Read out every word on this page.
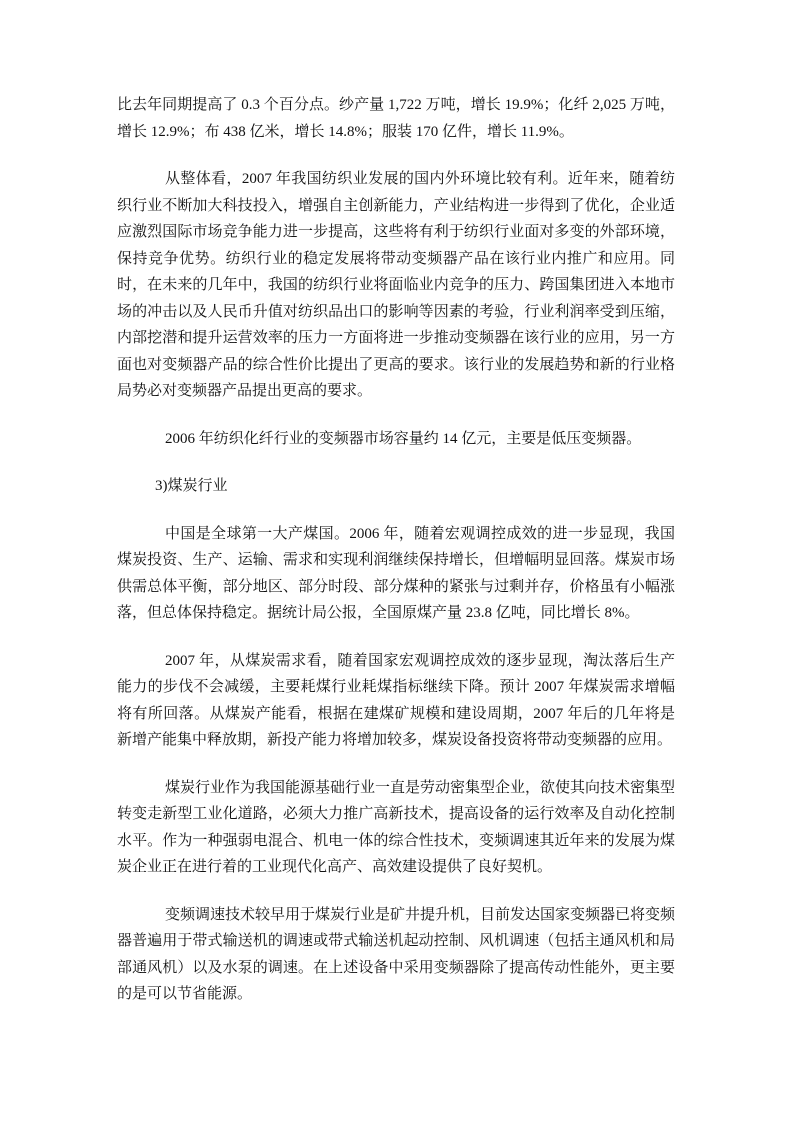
比去年同期提高了 0.3 个百分点。纱产量 1,722 万吨，增长 19.9%；化纤 2,025 万吨，增长 12.9%；布 438 亿米，增长 14.8%；服装 170 亿件，增长 11.9%。

从整体看，2007 年我国纺织业发展的国内外环境比较有利。近年来，随着纺织行业不断加大科技投入，增强自主创新能力，产业结构进一步得到了优化，企业适应激烈国际市场竞争能力进一步提高，这些将有利于纺织行业面对多变的外部环境，保持竞争优势。纺织行业的稳定发展将带动变频器产品在该行业内推广和应用。同时，在未来的几年中，我国的纺织行业将面临业内竞争的压力、跨国集团进入本地市场的冲击以及人民币升值对纺织品出口的影响等因素的考验，行业利润率受到压缩，内部挖潜和提升运营效率的压力一方面将进一步推动变频器在该行业的应用，另一方面也对变频器产品的综合性价比提出了更高的要求。该行业的发展趋势和新的行业格局势必对变频器产品提出更高的要求。

2006 年纺织化纤行业的变频器市场容量约 14 亿元，主要是低压变频器。

3)煤炭行业

中国是全球第一大产煤国。2006 年，随着宏观调控成效的进一步显现，我国煤炭投资、生产、运输、需求和实现利润继续保持增长，但增幅明显回落。煤炭市场供需总体平衡，部分地区、部分时段、部分煤种的紧张与过剩并存，价格虽有小幅涨落，但总体保持稳定。据统计局公报，全国原煤产量 23.8 亿吨，同比增长 8%。

2007 年，从煤炭需求看，随着国家宏观调控成效的逐步显现，淘汰落后生产能力的步伐不会减缓，主要耗煤行业耗煤指标继续下降。预计 2007 年煤炭需求增幅将有所回落。从煤炭产能看，根据在建煤矿规模和建设周期，2007 年后的几年将是新增产能集中释放期，新投产能力将增加较多，煤炭设备投资将带动变频器的应用。

煤炭行业作为我国能源基础行业一直是劳动密集型企业，欲使其向技术密集型转变走新型工业化道路，必须大力推广高新技术，提高设备的运行效率及自动化控制水平。作为一种强弱电混合、机电一体的综合性技术，变频调速其近年来的发展为煤炭企业正在进行着的工业现代化高产、高效建设提供了良好契机。

变频调速技术较早用于煤炭行业是矿井提升机，目前发达国家变频器已将变频器普遍用于带式输送机的调速或带式输送机起动控制、风机调速（包括主通风机和局部通风机）以及水泵的调速。在上述设备中采用变频器除了提高传动性能外，更主要的是可以节省能源。
